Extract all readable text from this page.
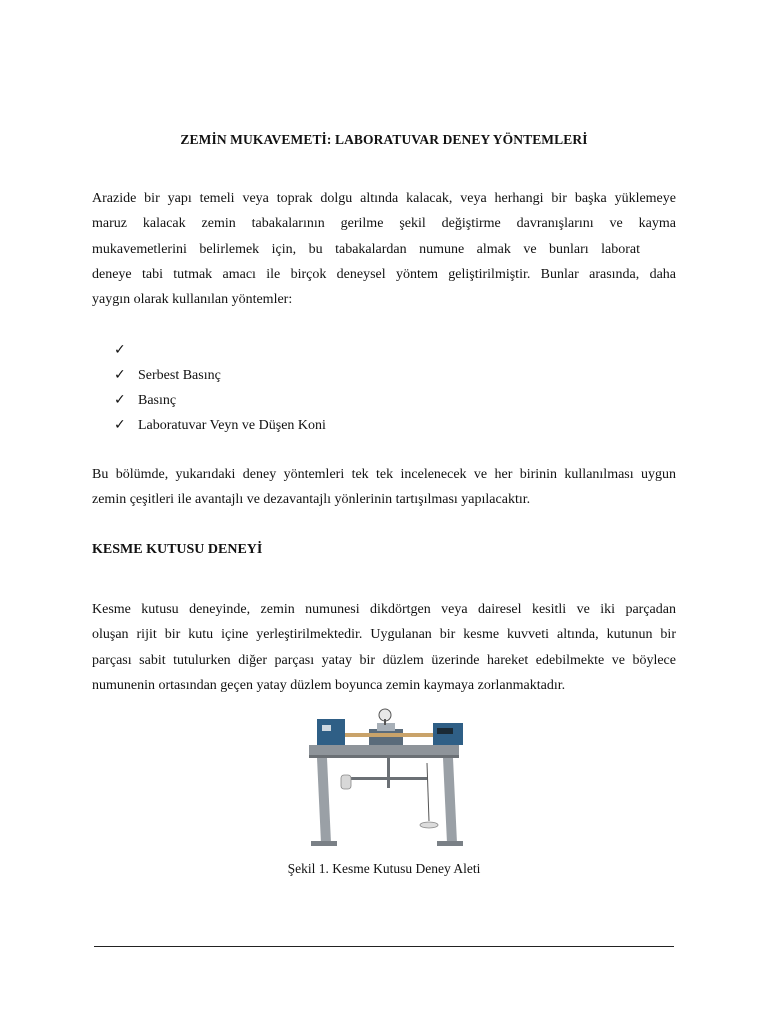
ZEMİN MUKAVEMETİ: LABORATUVAR DENEY YÖNTEMLERİ
Arazide bir yapı temeli veya toprak dolgu altında kalacak, veya herhangi bir başka yüklemeye
maruz kalacak zemin tabakalarının gerilme şekil değiştirme davranışlarını ve kayma
mukavemetlerini belirlemek için, bu tabakalardan numune almak ve bunları laborat
deneye tabi tutmak amacı ile birçok deneysel yöntem geliştirilmiştir. Bunlar arasında, daha
yaygın olarak kullanılan yöntemler:
✓
✓ Serbest Basınç
✓ Basınç
✓ Laboratuvar Veyn ve Düşen Koni
Bu bölümde, yukarıdaki deney yöntemleri tek tek incelenecek ve her birinin kullanılması uygun
zemin çeşitleri ile avantajlı ve dezavantajlı yönlerinin tartışılması yapılacaktır.
KESME KUTUSU DENEYİ
Kesme kutusu deneyinde, zemin numunesi dikdörtgen veya dairesel kesitli ve iki parçadan
oluşan rijit bir kutu içine yerleştirilmektedir. Uygulanan bir kesme kuvveti altında, kutunun bir
parçası sabit tutulurken diğer parçası yatay bir düzlem üzerinde hareket edebilmekte ve böylece
numunenin ortasından geçen yatay düzlem boyunca zemin kaymaya zorlanmaktadır.
Şekil 1. Kesme Kutusu Deney Aleti
